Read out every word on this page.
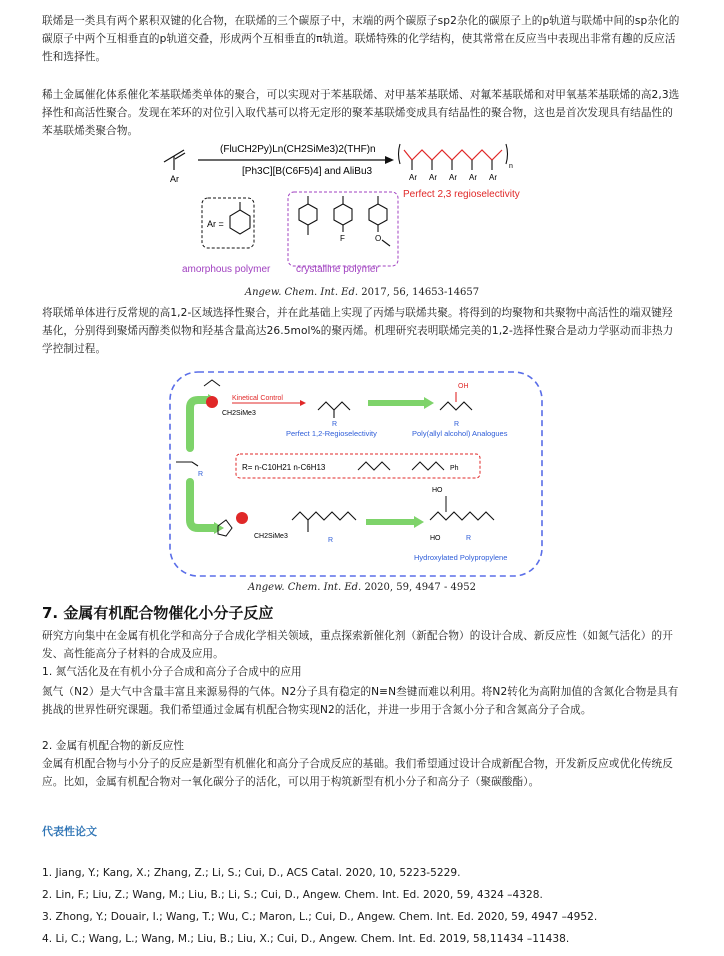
联烯是一类具有两个累积双键的化合物，在联烯的三个碳原子中，末端的两个碳原子sp2杂化的碳原子上的p轨道与联烯中间的sp杂化的碳原子中两个互相垂直的p轨道交叠，形成两个互相垂直的π轨道。联烯特殊的化学结构，使其常常在反应当中表现出非常有趣的反应活性和选择性。

稀土金属催化体系催化苯基联烯类单体的聚合，可以实现对于苯基联烯、对甲基苯基联烯、对氟苯基联烯和对甲氧基苯基联烯的高2,3选择性和高活性聚合。发现在苯环的对位引入取代基可以将无定形的聚苯基联烯变成具有结晶性的聚合物，这也是首次发现具有结晶性的苯基联烯类聚合物。

Ar
(FluCH2Py)Ln(CH2SiMe3)2(THF)n
[Ph3C][B(C6F5)4] and AliBu3
Ar Ar Ar Ar Ar
n
Perfect 2,3 regioselectivity
Ar =
F	O
amorphous polymer	crystalline polymer
Angew. Chem. Int. Ed. 2017, 56, 14653-14657

将联烯单体进行反常规的高1,2-区域选择性聚合，并在此基础上实现了丙烯与联烯共聚。将得到的均聚物和共聚物中高活性的端双键羟基化，分别得到聚烯丙醇类似物和羟基含量高达26.5mol%的聚丙烯。机理研究表明联烯完美的1,2-选择性聚合是动力学驱动而非热力学控制过程。

CH2SiMe3
Kinetical Control
R
OH
R
Perfect 1,2-Regioselectivity	Poly(allyl alcohol) Analogues
R
R= n-C10H21 n-C6H13	Ph
CH2SiMe3
R
HO
HO	R
Hydroxylated Polypropylene
Angew. Chem. Int. Ed. 2020, 59, 4947 - 4952
7. 金属有机配合物催化小分子反应

研究方向集中在金属有机化学和高分子合成化学相关领域，重点探索新催化剂（新配合物）的设计合成、新反应性（如氮气活化）的开发、高性能高分子材料的合成及应用。

1. 氮气活化及在有机小分子合成和高分子合成中的应用

氮气（N2）是大气中含量丰富且来源易得的气体。N2分子具有稳定的N≡N叁键而难以利用。将N2转化为高附加值的含氮化合物是具有挑战的世界性研究课题。我们希望通过金属有机配合物实现N2的活化，并进一步用于含氮小分子和含氮高分子合成。

2. 金属有机配合物的新反应性

金属有机配合物与小分子的反应是新型有机催化和高分子合成反应的基础。我们希望通过设计合成新配合物，开发新反应或优化传统反应。比如，金属有机配合物对一氧化碳分子的活化，可以用于构筑新型有机小分子和高分子（聚碳酸酯）。

代表性论文
1. Jiang, Y.; Kang, X.; Zhang, Z.; Li, S.; Cui, D., ACS Catal. 2020, 10, 5223-5229.
2. Lin, F.; Liu, Z.; Wang, M.; Liu, B.; Li, S.; Cui, D., Angew. Chem. Int. Ed. 2020, 59, 4324 –4328.
3. Zhong, Y.; Douair, I.; Wang, T.; Wu, C.; Maron, L.; Cui, D., Angew. Chem. Int. Ed. 2020, 59, 4947 –4952.
4. Li, C.; Wang, L.; Wang, M.; Liu, B.; Liu, X.; Cui, D., Angew. Chem. Int. Ed. 2019, 58,11434 –11438.
